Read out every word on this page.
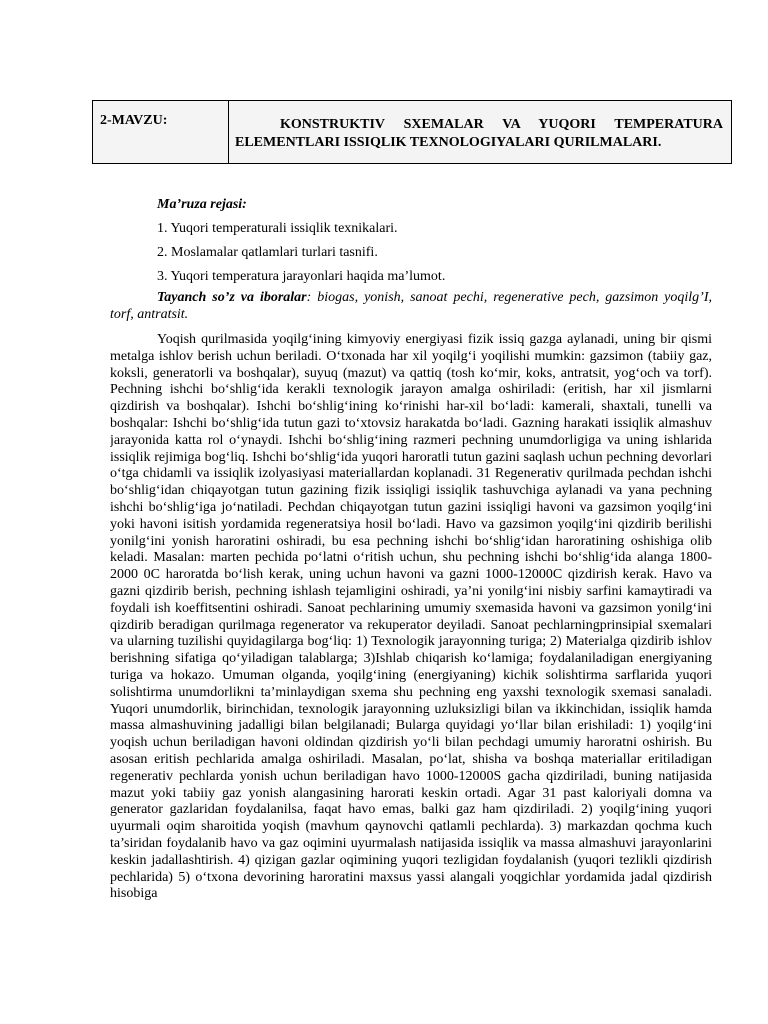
2-MAVZU:	KONSTRUKTIV SXEMALAR VA YUQORI TEMPERATURA ELEMENTLARI ISSIQLIK TEXNOLOGIYALARI QURILMALARI.

Ma’ruza rejasi:

1. Yuqori temperaturali issiqlik texnikalari.

2. Moslamalar qatlamlari turlari tasnifi.

3. Yuqori temperatura jarayonlari haqida ma’lumot.

Tayanch so’z va iboralar: biogas, yonish, sanoat pechi, regenerative pech, gazsimon yoqilg’I, torf, antratsit.

Yoqish qurilmasida yoqilg‘ining kimyoviy energiyasi fizik issiq gazga aylanadi, uning bir qismi metalga ishlov berish uchun beriladi. O‘txonada har xil yoqilg‘i yoqilishi mumkin: gazsimon (tabiiy gaz, koksli, generatorli va boshqalar), suyuq (mazut) va qattiq (tosh ko‘mir, koks, antratsit, yog‘och va torf). Pechning ishchi bo‘shlig‘ida kerakli texnologik jarayon amalga oshiriladi: (eritish, har xil jismlarni qizdirish va boshqalar). Ishchi bo‘shlig‘ining ko‘rinishi har-xil bo‘ladi: kamerali, shaxtali, tunelli va boshqalar: Ishchi bo‘shlig‘ida tutun gazi to‘xtovsiz harakatda bo‘ladi. Gazning harakati issiqlik almashuv jarayonida katta rol o‘ynaydi. Ishchi bo‘shlig‘ining razmeri pechning unumdorligiga va uning ishlarida issiqlik rejimiga bog‘liq. Ishchi bo‘shlig‘ida yuqori haroratli tutun gazini saqlash uchun pechning devorlari o‘tga chidamli va issiqlik izolyasiyasi materiallardan koplanadi. 31 Regenerativ qurilmada pechdan ishchi bo‘shlig‘idan chiqayotgan tutun gazining fizik issiqligi issiqlik tashuvchiga aylanadi va yana pechning ishchi bo‘shlig‘iga jo‘natiladi. Pechdan chiqayotgan tutun gazini issiqligi havoni va gazsimon yoqilg‘ini yoki havoni isitish yordamida regeneratsiya hosil bo‘ladi. Havo va gazsimon yoqilg‘ini qizdirib berilishi yonilg‘ini yonish haroratini oshiradi, bu esa pechning ishchi bo‘shlig‘idan haroratining oshishiga olib keladi. Masalan: marten pechida po‘latni o‘ritish uchun, shu pechning ishchi bo‘shlig‘ida alanga 1800-2000 0C haroratda bo‘lish kerak, uning uchun havoni va gazni 1000-12000C qizdirish kerak. Havo va gazni qizdirib berish, pechning ishlash tejamligini oshiradi, ya’ni yonilg‘ini nisbiy sarfini kamaytiradi va foydali ish koeffitsentini oshiradi. Sanoat pechlarining umumiy sxemasida havoni va gazsimon yonilg‘ini qizdirib beradigan qurilmaga regenerator va rekuperator deyiladi. Sanoat pechlarningprinsipial sxemalari va ularning tuzilishi quyidagilarga bog‘liq: 1) Texnologik jarayonning turiga; 2) Materialga qizdirib ishlov berishning sifatiga qo‘yiladigan talablarga; 3)Ishlab chiqarish ko‘lamiga; foydalaniladigan energiyaning turiga va hokazo. Umuman olganda, yoqilg‘ining (energiyaning) kichik solishtirma sarflarida yuqori solishtirma unumdorlikni ta’minlaydigan sxema shu pechning eng yaxshi texnologik sxemasi sanaladi. Yuqori unumdorlik, birinchidan, texnologik jarayonning uzluksizligi bilan va ikkinchidan, issiqlik hamda massa almashuvining jadalligi bilan belgilanadi; Bularga quyidagi yo‘llar bilan erishiladi: 1) yoqilg‘ini yoqish uchun beriladigan havoni oldindan qizdirish yo‘li bilan pechdagi umumiy haroratni oshirish. Bu asosan eritish pechlarida amalga oshiriladi. Masalan, po‘lat, shisha va boshqa materiallar eritiladigan regenerativ pechlarda yonish uchun beriladigan havo 1000-12000S gacha qizdiriladi, buning natijasida mazut yoki tabiiy gaz yonish alangasining harorati keskin ortadi. Agar 31 past kaloriyali domna va generator gazlaridan foydalanilsa, faqat havo emas, balki gaz ham qizdiriladi. 2) yoqilg‘ining yuqori uyurmali oqim sharoitida yoqish (mavhum qaynovchi qatlamli pechlarda). 3) markazdan qochma kuch ta’siridan foydalanib havo va gaz oqimini uyurmalash natijasida issiqlik va massa almashuvi jarayonlarini keskin jadallashtirish. 4) qizigan gazlar oqimining yuqori tezligidan foydalanish (yuqori tezlikli qizdirish pechlarida) 5) o‘txona devorining haroratini maxsus yassi alangali yoqgichlar yordamida jadal qizdirish hisobiga
